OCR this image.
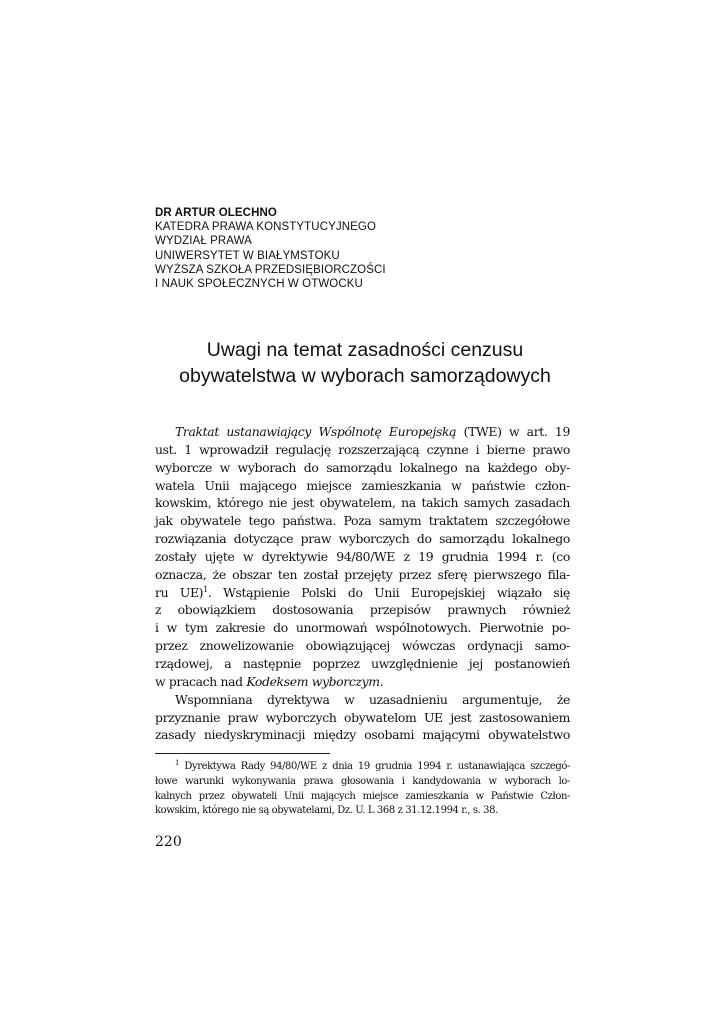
DR ARTUR OLECHNO
KATEDRA PRAWA KONSTYTUCYJNEGO
WYDZIAŁ PRAWA
UNIWERSYTET W BIAŁYMSTOKU
WYŻSZA SZKOŁA PRZEDSIĘBIORCZOŚCI
I NAUK SPOŁECZNYCH W OTWOCKU
Uwagi na temat zasadności cenzusu
obywatelstwa w wyborach samorządowych
Traktat ustanawiający Wspólnotę Europejską (TWE) w art. 19
ust. 1 wprowadził regulację rozszerzającą czynne i bierne prawo
wyborcze w wyborach do samorządu lokalnego na każdego oby-
watela Unii mającego miejsce zamieszkania w państwie człon-
kowskim, którego nie jest obywatelem, na takich samych zasadach
jak obywatele tego państwa. Poza samym traktatem szczegółowe
rozwiązania dotyczące praw wyborczych do samorządu lokalnego
zostały ujęte w dyrektywie 94/80/WE z 19 grudnia 1994 r. (co
oznacza, że obszar ten został przejęty przez sferę pierwszego fila-
ru UE)$^1$. Wstąpienie Polski do Unii Europejskiej wiązało się
z obowiązkiem dostosowania przepisów prawnych również
i w tym zakresie do unormowań wspólnotowych. Pierwotnie po-
przez znowelizowanie obowiązującej wówczas ordynacji samo-
rządowej, a następnie poprzez uwzględnienie jej postanowień
w pracach nad Kodeksem wyborczym.
Wspomniana dyrektywa w uzasadnieniu argumentuje, że
przyznanie praw wyborczych obywatelom UE jest zastosowaniem
zasady niedyskryminacji między osobami mającymi obywatelstwo
$^1$ Dyrektywa Rady 94/80/WE z dnia 19 grudnia 1994 r. ustanawiająca szczegó-
łowe warunki wykonywania prawa głosowania i kandydowania w wyborach lo-
kalnych przez obywateli Unii mających miejsce zamieszkania w Państwie Człon-
kowskim, którego nie są obywatelami, Dz. U. L 368 z 31.12.1994 r., s. 38.
220
